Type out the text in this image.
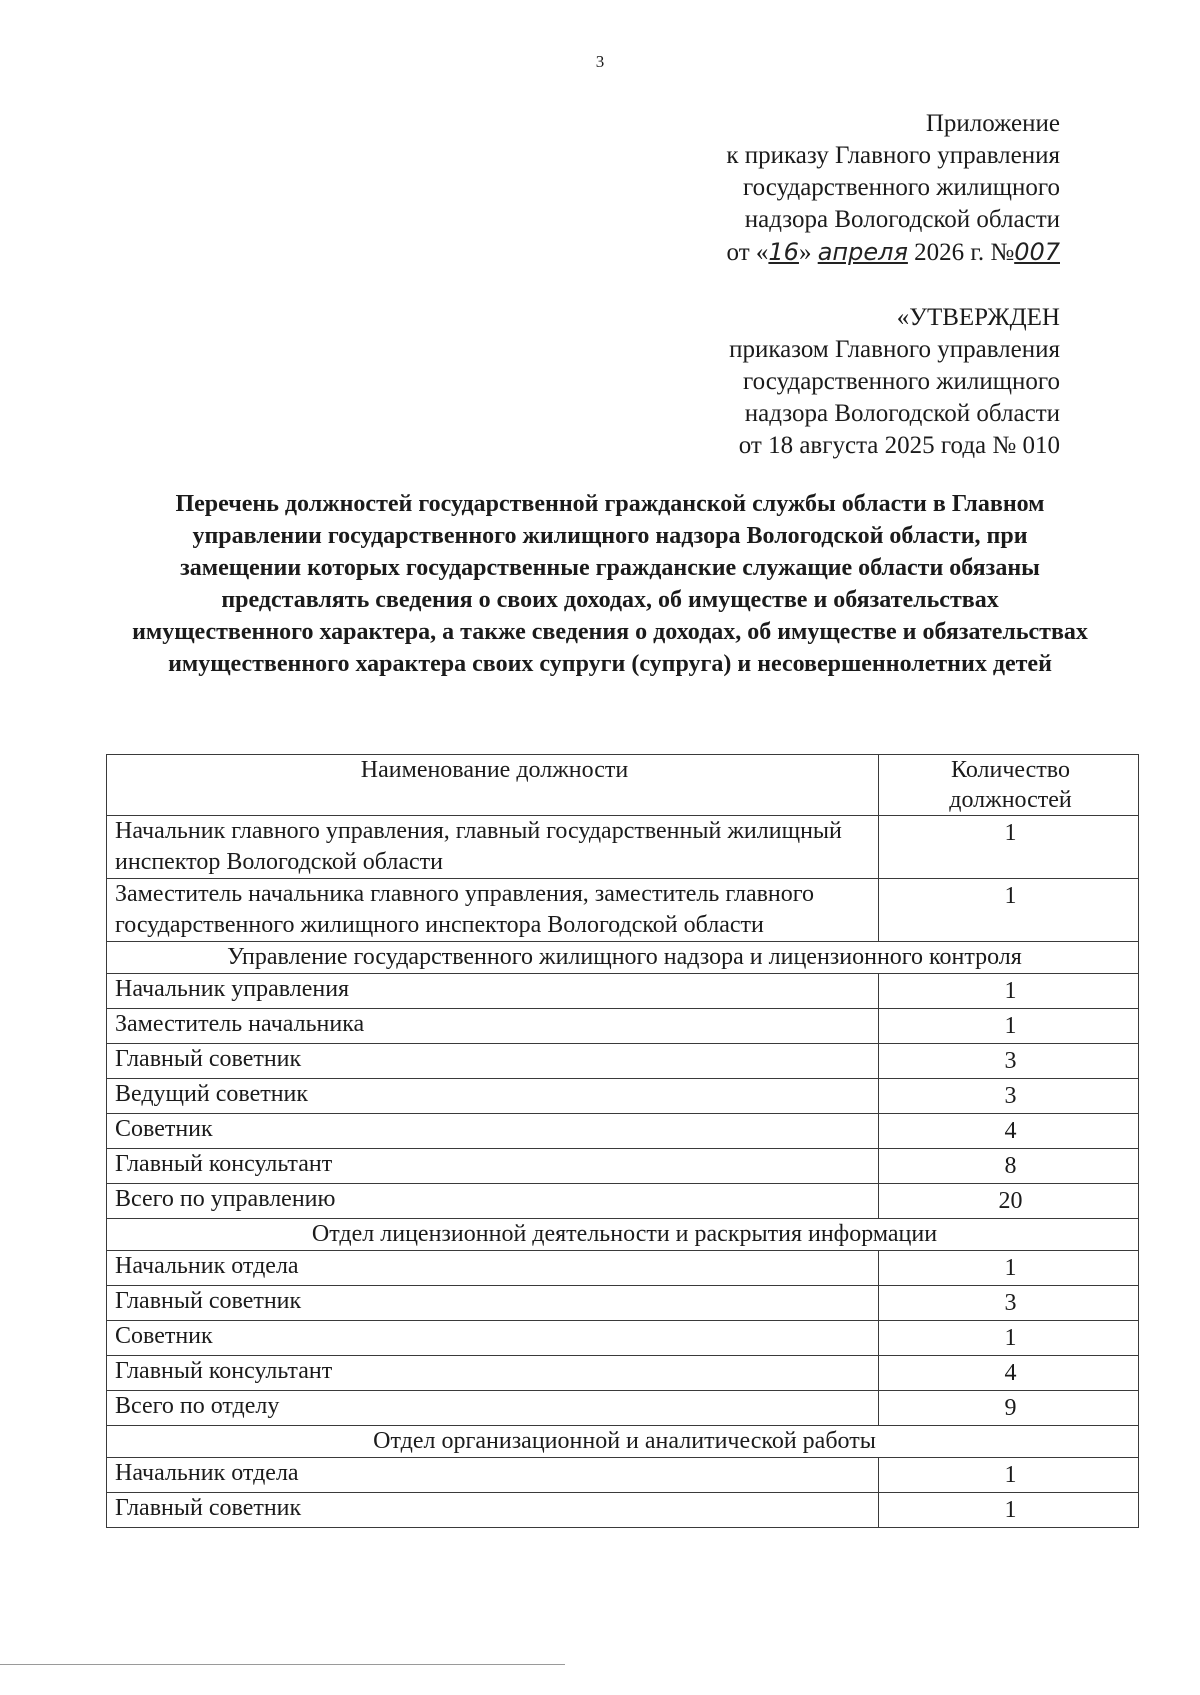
3
Приложение
к приказу Главного управления
государственного жилищного
надзора Вологодской области
от «16» апреля 2026 г. №007
«УТВЕРЖДЕН
приказом Главного управления
государственного жилищного
надзора Вологодской области
от 18 августа 2025 года № 010
Перечень должностей государственной гражданской службы области в Главном управлении государственного жилищного надзора Вологодской области, при замещении которых государственные гражданские служащие области обязаны представлять сведения о своих доходах, об имуществе и обязательствах имущественного характера, а также сведения о доходах, об имуществе и обязательствах имущественного характера своих супруги (супруга) и несовершеннолетних детей
Наименование должности	Количество должностей
Начальник главного управления, главный государственный жилищный инспектор Вологодской области	1
Заместитель начальника главного управления, заместитель главного государственного жилищного инспектора Вологодской области	1
Управление государственного жилищного надзора и лицензионного контроля	
Начальник управления	1
Заместитель начальника	1
Главный советник	3
Ведущий советник	3
Советник	4
Главный консультант	8
Всего по управлению	20
Отдел лицензионной деятельности и раскрытия информации	
Начальник отдела	1
Главный советник	3
Советник	1
Главный консультант	4
Всего по отделу	9
Отдел организационной и аналитической работы	
Начальник отдела	1
Главный советник	1
